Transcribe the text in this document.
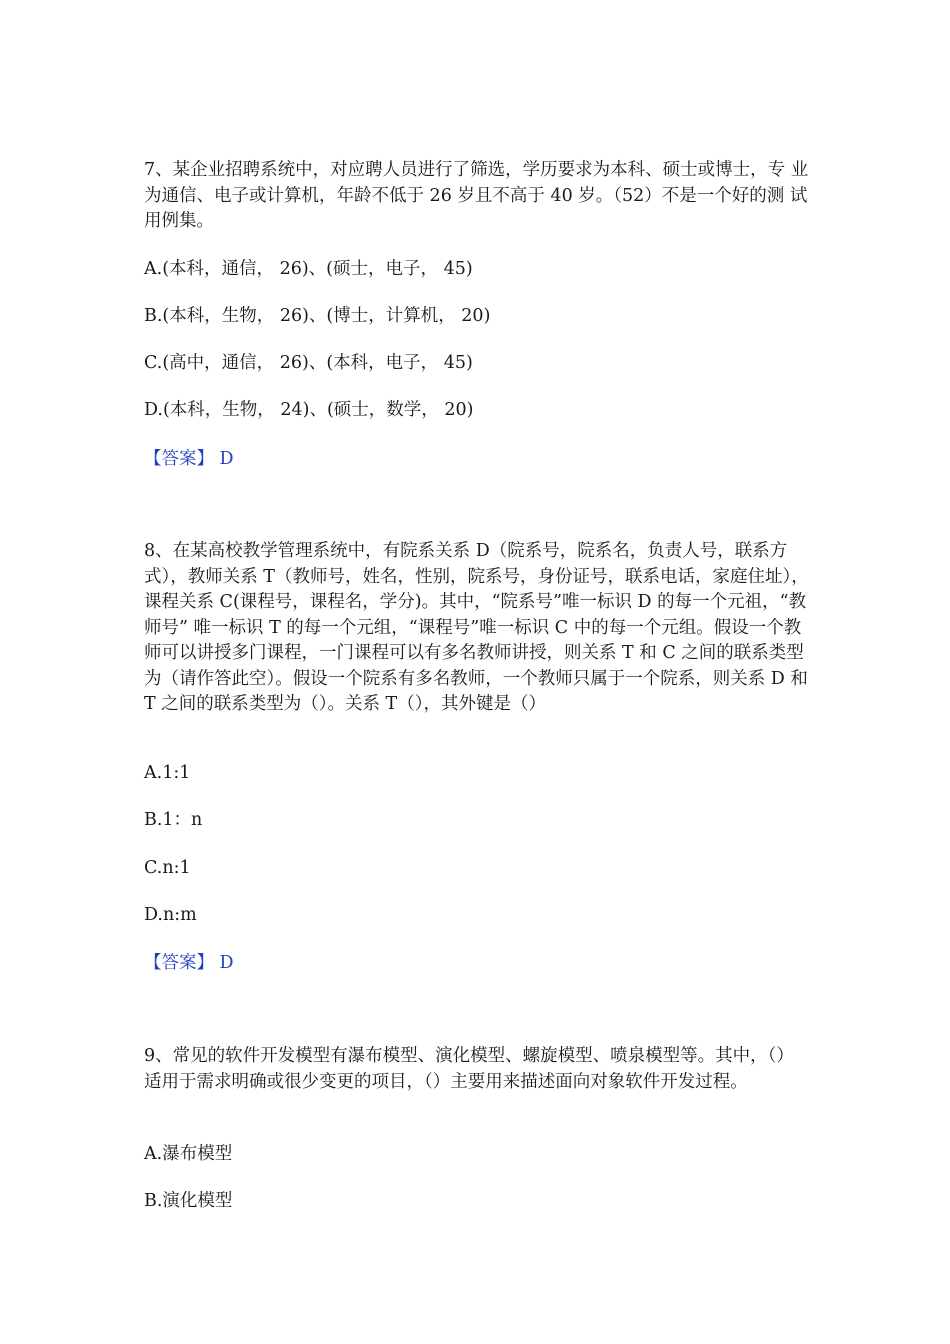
7、某企业招聘系统中，对应聘人员进行了筛选，学历要求为本科、硕士或博士，专 业为通信、电子或计算机，年龄不低于 26 岁且不高于 40 岁。（52）不是一个好的测 试用例集。

A.(本科，通信， 26)、(硕士，电子， 45)

B.(本科，生物， 26)、(博士，计算机， 20)

C.(高中，通信， 26)、(本科，电子， 45)

D.(本科，生物， 24)、(硕士，数学， 20)

【答案】 D

8、在某高校教学管理系统中，有院系关系 D（院系号，院系名，负责人号，联系方式），教师关系 T（教师号，姓名，性别，院系号，身份证号，联系电话，家庭住址），课程关系 C(课程号，课程名，学分)。其中，“院系号”唯一标识 D 的每一个元祖，“教师号” 唯一标识 T 的每一个元组，“课程号”唯一标识 C 中的每一个元组。假设一个教师可以讲授多门课程，一门课程可以有多名教师讲授，则关系 T 和 C 之间的联系类型为（请作答此空）。假设一个院系有多名教师，一个教师只属于一个院系，则关系 D 和 T 之间的联系类型为（）。关系 T（），其外键是（）

A.1:1

B.1：n

C.n:1

D.n:m

【答案】 D

9、常见的软件开发模型有瀑布模型、演化模型、螺旋模型、喷泉模型等。其中，（）适用于需求明确或很少变更的项目，（）主要用来描述面向对象软件开发过程。

A.瀑布模型

B.演化模型
